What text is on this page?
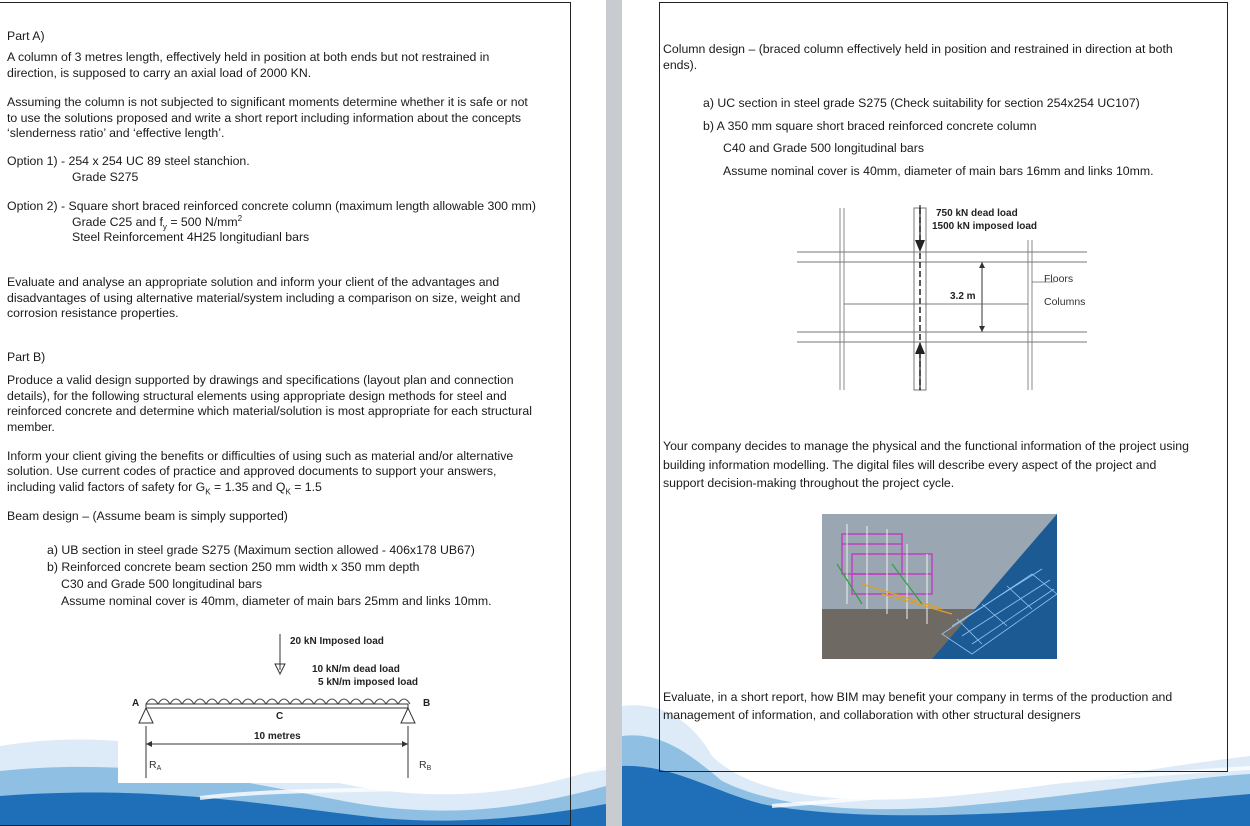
Part A)

A column of 3 metres length, effectively held in position at both ends but not restrained in

direction, is supposed to carry an axial load of 2000 KN.

Assuming the column is not subjected to significant moments determine whether it is safe or not

to use the solutions proposed and write a short report including information about the concepts

‘slenderness ratio’ and ‘effective length’.

Option 1) - 254 x 254 UC 89 steel stanchion.

Grade S275

Option 2) - Square short braced reinforced concrete column (maximum length allowable 300 mm)

Grade C25 and $f_y = 500$ $N/mm^2$

Steel Reinforcement 4H25 longitudianl bars

Evaluate and analyse an appropriate solution and inform your client of the advantages and

disadvantages of using alternative material/system including a comparison on size, weight and

corrosion resistance properties.

Part B)

Produce a valid design supported by drawings and specifications (layout plan and connection

details), for the following structural elements using appropriate design methods for steel and

reinforced concrete and determine which material/solution is most appropriate for each structural

member.

Inform your client giving the benefits or difficulties of using such as material and/or alternative

solution. Use current codes of practice and approved documents to support your answers,

including valid factors of safety for $G_K = 1.35$ and $Q_K = 1.5$

Beam design – (Assume beam is simply supported)

a) UB section in steel grade S275 (Maximum section allowed - 406x178 UB67)

b) Reinforced concrete beam section 250 mm width x 350 mm depth

C30 and Grade 500 longitudinal bars

Assume nominal cover is 40mm, diameter of main bars 25mm and links 10mm.

20 kN Imposed load
10 kN/m dead load
5 kN/m imposed load
A	B
C
10 metres
RA	RB

Column design – (braced column effectively held in position and restrained in direction at both

ends).

a) UC section in steel grade S275 (Check suitability for section 254x254 UC107)

b) A 350 mm square short braced reinforced concrete column

C40 and Grade 500 longitudinal bars

Assume nominal cover is 40mm, diameter of main bars 16mm and links 10mm.

750 kN dead load
1500 kN imposed load
3.2 m
Floors
Columns

Your company decides to manage the physical and the functional information of the project using

building information modelling. The digital files will describe every aspect of the project and

support decision-making throughout the project cycle.

Evaluate, in a short report, how BIM may benefit your company in terms of the production and

management of information, and collaboration with other structural designers
